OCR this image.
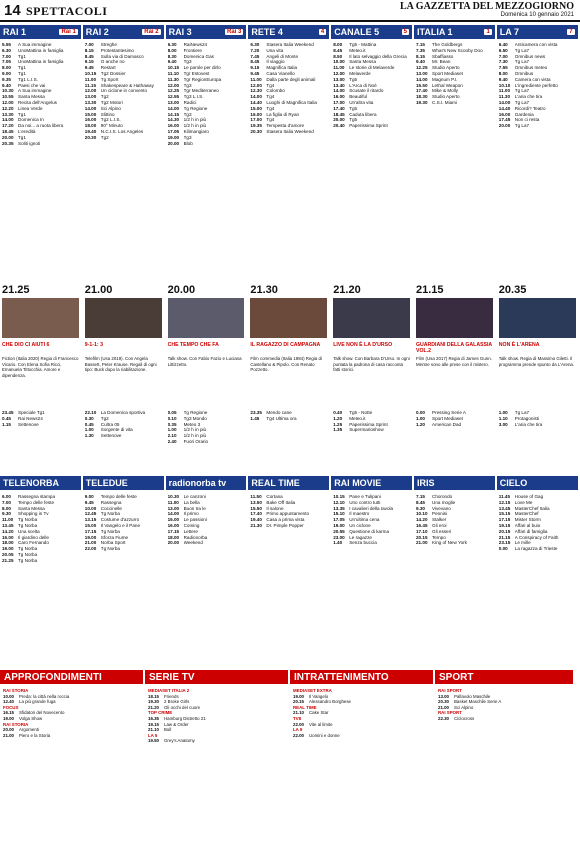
14 SPETTACOLI	LA GAZZETTA DEL MEZZOGIORNO
Domenica 10 gennaio 2021
RAI 1	Rai 1 RAI 2	Rai 2 RAI 3	Rai 3 RETE 4	4 CANALE 5	5 ITALIA 1	1 LA 7	7
5.55	A Sua immagine
6.30	UnoMattina in famiglia
7.00	Tg1
7.05	UnoMattina in famiglia
8.00	Tg1
9.00	Tg1
9.35	Tg1 L.I.S.
9.40	Paesi che vai
10.30 A Sua immagine
10.55 Santa Messa
12.00 Recita dell'Angelus
12.20 Linea Verde
13.30 Tg1
14.00 Domenica In
17.20 Da noi... a ruota libera
18.45 L'eredità
20.00 Tg1
20.35 Soliti ignoti
7.00	Streghe
8.15	Protestantesimo
8.45	Sulla via di Damasco
9.15	O anche no
9.45	Restart
10.15 Tg2 Dossier
11.00	Tg Sport
11.15	Shakespeare & Hathaway
12.00 Un ciclone in convento
13.00 Tg2
13.30 Tg2 Motori
14.00 Sci Alpino
15.00 Slittino
16.00 Tg2 L.I.S.
18.00 90° Minuto
19.40 N.C.I.S. Los Angeles
20.30 Tg2
6.30	RaiNews24
8.00	Frontiere
8.30	Domenica Gas
9.40	Tg3
10.15 Le parole per dirlo
11.10	Tgr Estovest
11.30	Tgr RegionEuropa
12.00 Tg3
12.25 Tgr Mediterraneo
12.55 Tg3 L.I.S.
13.00 Radici
14.00 Tg Regione
14.15 Tg3
14.30 1/2 h in più
16.00 1/2 h in più
17.05 Kilimangiaro
19.00 Tg3
20.00 Blob
6.30	Stasera Italia Weekend
7.20	Una vita
7.45	Angeli di Monte
8.45	Il viaggio
9.15	Magnifica Italia
9.45	Casa Vianello
11.00	Dalla parte degli animali
12.00 Tg4
12.30 Colombo
14.00 Tg4
14.40 Luoghi di Magnifica Italia
15.00 Tg4
16.00 La figlia di Ryan
17.00 Tg4
19.35 Tempesta d'amore
20.30 Stasera Italia Weekend
8.00	Tg5 - Mattina
8.45	Meteo.it
8.50	Il lato selvaggio della Grecia
10.00 Santa Messa
11.00	Le storie di Melaverde
12.00 Melaverde
13.00 Tg5
13.40 L'Arca di Noè
14.00 Scusate il ritardo
16.00 Beautiful
17.00 Un'altra vita
17.40 Tg5
18.45 Caduta libera
20.00 Tg5
20.40 Paperissima Sprint
7.15	The Goldbergs
7.35	What's New Scooby Doo
8.15	Sbaffiasso
9.40	Mr. Bean
12.25 Studio Aperto
13.00 Sport Mediaset
14.00 Magnum P.I.
15.50 Lethal Weapon
17.40 Mike & Molly
18.30 Studio Aperto
19.30 C.S.I. Miami
6.40	Anticamera con vista
6.50	Tg La7
7.00	Omnibus news
7.30	Tg La7
7.55	Omnibus meteo
8.00	Omnibus
9.40	Camera con vista
10.10 L'ingrediente perfetto
11.00	Tg La7
11.30	L'aria che tira
14.00 Tg La7
14.40 Ricordi? Teatro
16.00 Gardenia
17.45 Non ci resta
20.00 Tg La7
21.25
CHE DIO CI AIUTI 6
Fiction (Italia 2020) Regia di Francesco Vicario. Con Elena Sofia Ricci, Emanuela Tittocchia. Amore e dipendenza.
21.00
9-1-1: 3
Telefilm (Usa 2019). Con Angela Bassett, Peter Krause. Regali di ogni tipo: Buck dopo la riabilitazione.
20.00
CHE TEMPO CHE FA
Talk show. Con Fabio Fazio e Luciana Littizzetto.
21.30
IL RAGAZZO DI CAMPAGNA
Film commedia (Italia 1984) Regia di Castellano & Pipolo. Con Renato Pozzetto.
21.20
LIVE NON È LA D'URSO
Talk show. Con Barbara D'Urso. In ogni puntata la padrona di casa racconta fatti storici.
21.15
GUARDIANI DELLA GALASSIA VOL.2
Film (Usa 2017) Regia di James Gunn. Mentre sono alle prese con il mistero.
20.35
NON È L'ARENA
Talk show. Regia di Massimo Giletti. Il programma prende spunto da L'Arena.
23.45 Speciale Tg1
0.45	Rai News24
1.15	Settenove
22.10 La Domenica sportiva
0.30	Tg2
0.45	Cultra 05
1.00	Sorgente di vita
1.30	Settenove
0.05	Tg Regione
0.10	Tg3 Mondo
0.35	Meteo 3
1.00	1/2 h in più
2.10	1/2 h in più
2.40	Fuori Orario
23.35 Mendo cane
1.45	Tg4 Ultima ora
0.40	Tg5 - Notte
1.20	Meteo.it
1.25	Paperissima Sprint
1.35	Supermarioshow
0.00	Pressing Serie A
1.00	Sport Mediaset
1.20	American Dad
1.00	Tg La7
1.10	Protagonisti
3.00	L'aria che tira
TELENORBA	TELEDUE	radionorba tv	REAL TIME	RAI MOVIE	IRIS	CIELO
6.00	Rassegna stampa
7.00	Tempo delle feste
8.00	Santa Messa
9.30	Shopping in Tv
11.00	Tg Norba
13.45 Tg Norba
14.20 Una scelta
16.00 Il giardino delle
18.00 Caro Fernando
19.00 Tg Norba
20.05 Tg Norba
21.25 Tg Norba
9.00	Tempo delle feste
9.45	Rassegna
10.00 Coccinelle
12.45 Tg Norba
13.15 Costume d'azzurro
15.00 Il Vangelo e il Pane
17.15 Tg Norba
19.00 Sforza Fiume
21.00 Norba Sport
22.00 Tg Norba
10.30 Le canzoni
11.00	La bella
13.00 Buon tra le
14.00 Il primo
15.00 Le passioni
16.00 Coming
17.15 Lettere
18.00 Radionorba
20.00 Weekend
11.50	Cortana
13.50 Bake Off Italia
15.50 Il salone
17.40 Primo appuntamento
19.40 Casa a prima vista
21.30 Dr. Pimple Popper
10.15 Pane e Tulipani
12.10 Uno contro tutti
13.35 I cavalieri della tavola
15.10 Il maestro
17.05 Un'ultima cena
19.00 Un ciclone
20.55 Questione di karma
23.00 Le ragazze
1.40	Senza buccia
7.15	Chorondo
8.45	Una moglie
9.30	Vivevano
10.10 Pennisi
14.20 Stalker
16.45 Gli eroi
17.10 Gli esseri
20.15 Tempo
21.00 King of New York
11.45	House of Gag
12.15 Love Me
13.45 MasterChef Italia
15.15 MasterChef
17.15 Mister Storm
19.15 Affari al buio
20.15 Affari di famiglia
21.15 A Conspiracy of Faith
23.15 Le mille
0.00	La ragazza di Trieste
APPROFONDIMENTI
RAI STORIA
10.00	Preda: la città nella roccia
12.40	La più grande fuga
FOCUS
16.15	Sfidatori del Novecento
19.00	Volga Show
RAI STORIA
20.00	Argomenti
21.00	Piero e la Storia
SERIE TV
MEDIASET ITALIA 2
18.15	Friends
19.30	2 Broke Girls
21.20	Gli occhi del cuore
TOP CRIME
16.35	Hamburg Distretto 21
19.15	Law & Order
21.10	Bull
LA 5
19.50	Grey's Anatomy
INTRATTENIMENTO
MEDIASET EXTRA
19.00	Il Vangelo
20.15	Alessandro Borghese
REAL TIME
21.10	Cake Star
TV8
22.00	Vite al limite
LA 5
22.00	Uomini e donne
SPORT
RAI SPORT
13.00	Pallavolo Maschile
20.30	Basket Maschile Serie A
21.00	Sci Alpino
RAI SPORT
22.30	Ciclocross
